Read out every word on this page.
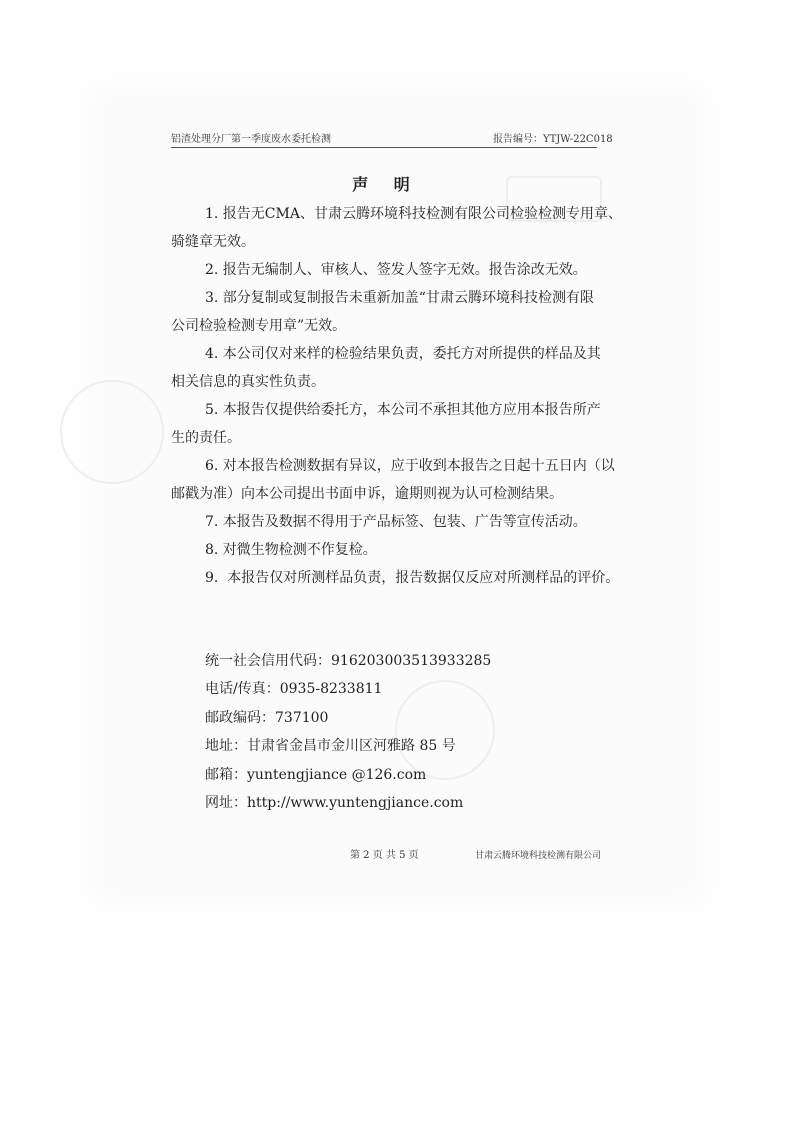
铝渣处理分厂第一季度废水委托检测	报告编号：YTJW-22C018
声 明
1. 报告无CMA、甘肃云腾环境科技检测有限公司检验检测专用章、
骑缝章无效。
2. 报告无编制人、审核人、签发人签字无效。报告涂改无效。
3. 部分复制或复制报告未重新加盖“甘肃云腾环境科技检测有限
公司检验检测专用章”无效。
4. 本公司仅对来样的检验结果负责，委托方对所提供的样品及其
相关信息的真实性负责。
5. 本报告仅提供给委托方，本公司不承担其他方应用本报告所产
生的责任。
6. 对本报告检测数据有异议，应于收到本报告之日起十五日内（以
邮戳为准）向本公司提出书面申诉，逾期则视为认可检测结果。
7. 本报告及数据不得用于产品标签、包装、广告等宣传活动。
8. 对微生物检测不作复检。
9.  本报告仅对所测样品负责，报告数据仅反应对所测样品的评价。
统一社会信用代码：916203003513933285
电话/传真：0935-8233811
邮政编码：737100
地址：甘肃省金昌市金川区河雅路 85 号
邮箱：yuntengjiance @126.com
网址：http://www.yuntengjiance.com
第 2 页 共 5 页	甘肃云腾环境科技检测有限公司
